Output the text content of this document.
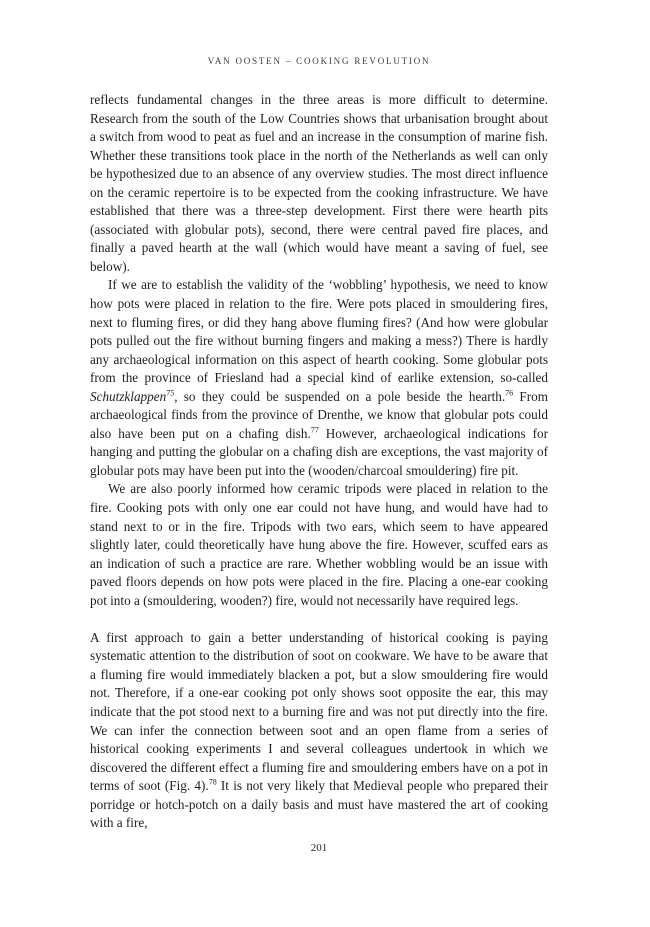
VAN OOSTEN – COOKING REVOLUTION

reflects fundamental changes in the three areas is more difficult to determine. Research from the south of the Low Countries shows that urbanisation brought about a switch from wood to peat as fuel and an increase in the consumption of marine fish. Whether these transitions took place in the north of the Netherlands as well can only be hypothesized due to an absence of any overview studies. The most direct influence on the ceramic repertoire is to be expected from the cooking infrastructure. We have established that there was a three-step development. First there were hearth pits (associated with globular pots), second, there were central paved fire places, and finally a paved hearth at the wall (which would have meant a saving of fuel, see below).

If we are to establish the validity of the ‘wobbling’ hypothesis, we need to know how pots were placed in relation to the fire. Were pots placed in smouldering fires, next to fluming fires, or did they hang above fluming fires? (And how were globular pots pulled out the fire without burning fingers and making a mess?) There is hardly any archaeological information on this aspect of hearth cooking. Some globular pots from the province of Friesland had a special kind of earlike extension, so-called Schutzklappen$^{75}$, so they could be suspended on a pole beside the hearth.$^{76}$ From archaeological finds from the province of Drenthe, we know that globular pots could also have been put on a chafing dish.$^{77}$ However, archaeological indications for hanging and putting the globular on a chafing dish are exceptions, the vast majority of globular pots may have been put into the (wooden/charcoal smouldering) fire pit.

We are also poorly informed how ceramic tripods were placed in relation to the fire. Cooking pots with only one ear could not have hung, and would have had to stand next to or in the fire. Tripods with two ears, which seem to have appeared slightly later, could theoretically have hung above the fire. However, scuffed ears as an indication of such a practice are rare. Whether wobbling would be an issue with paved floors depends on how pots were placed in the fire. Placing a one-ear cooking pot into a (smouldering, wooden?) fire, would not necessarily have required legs.

A first approach to gain a better understanding of historical cooking is paying systematic attention to the distribution of soot on cookware. We have to be aware that a fluming fire would immediately blacken a pot, but a slow smouldering fire would not. Therefore, if a one-ear cooking pot only shows soot opposite the ear, this may indicate that the pot stood next to a burning fire and was not put directly into the fire. We can infer the connection between soot and an open flame from a series of historical cooking experiments I and several colleagues undertook in which we discovered the different effect a fluming fire and smouldering embers have on a pot in terms of soot (Fig. 4).$^{78}$ It is not very likely that Medieval people who prepared their porridge or hotch-potch on a daily basis and must have mastered the art of cooking with a fire,

201
